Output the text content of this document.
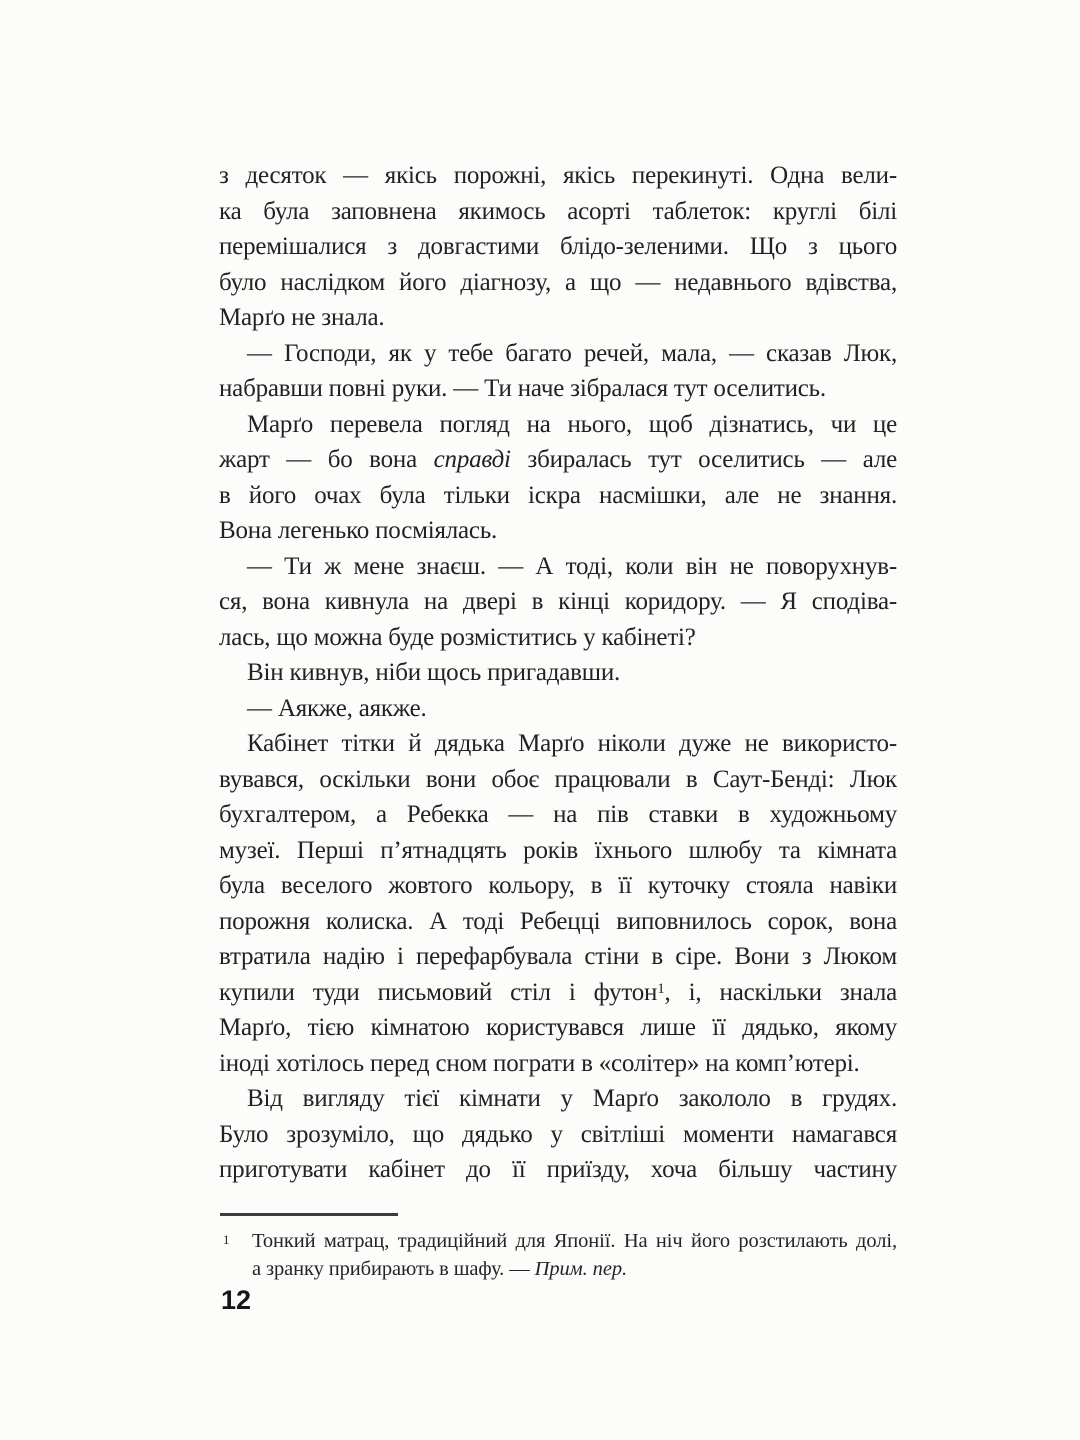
з десяток — якісь порожні, якісь перекинуті. Одна вели-
ка була заповнена якимось асорті таблеток: круглі білі
перемішалися з довгастими блідо-зеленими. Що з цього
було наслідком його діагнозу, а що — недавнього вдівства,
Марґо не знала.
— Господи, як у тебе багато речей, мала, — сказав Люк,
набравши повні руки. — Ти наче зібралася тут оселитись.
Марґо перевела погляд на нього, щоб дізнатись, чи це
жарт — бо вона справді збиралась тут оселитись — але
в його очах була тільки іскра насмішки, але не знання.
Вона легенько посміялась.
— Ти ж мене знаєш. — А тоді, коли він не поворухнув-
ся, вона кивнула на двері в кінці коридору. — Я сподіва-
лась, що можна буде розміститись у кабінеті?
Він кивнув, ніби щось пригадавши.
— Аякже, аякже.
Кабінет тітки й дядька Марґо ніколи дуже не використо-
вувався, оскільки вони обоє працювали в Саут-Бенді: Люк
бухгалтером, а Ребекка — на пів ставки в художньому
музеї. Перші п’ятнадцять років їхнього шлюбу та кімната
була веселого жовтого кольору, в її куточку стояла навіки
порожня колиска. А тоді Ребецці виповнилось сорок, вона
втратила надію і перефарбувала стіни в сіре. Вони з Люком
купили туди письмовий стіл і футон$^1$, і, наскільки знала
Марґо, тією кімнатою користувався лише її дядько, якому
іноді хотілось перед сном пограти в «солітер» на комп’ютері.
Від вигляду тієї кімнати у Марґо закололо в грудях.
Було зрозуміло, що дядько у світліші моменти намагався
приготувати кабінет до її приїзду, хоча більшу частину
1 Тонкий матрац, традиційний для Японії. На ніч його розстилають долі,
а зранку прибирають в шафу. — Прим. пер.
12
